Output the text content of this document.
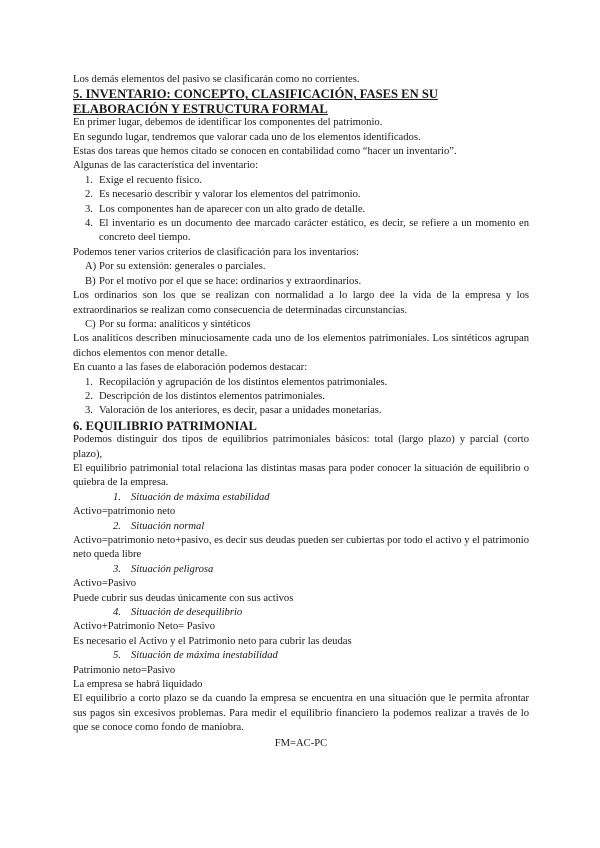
Los demás elementos del pasivo se clasificarán como no corrientes.

5. INVENTARIO: CONCEPTO, CLASIFICACIÓN, FASES EN SU ELABORACIÓN Y ESTRUCTURA FORMAL

En primer lugar, debemos de identificar los componentes del patrimonio.

En segundo lugar, tendremos que valorar cada uno de los elementos identificados.

Estas dos tareas que hemos citado se conocen en contabilidad como “hacer un inventario”.

Algunas de las característica del inventario:

1. Exige el recuento físico.
2. Es necesario describir y valorar los elementos del patrimonio.
3. Los componentes han de aparecer con un alto grado de detalle.
4. El inventario es un documento dee marcado carácter estático, es decir, se refiere a un momento en concreto deel tiempo.

Podemos tener varios criterios de clasificación para los inventarios:

A) Por su extensión: generales o parciales.
B) Por el motivo por el que se hace: ordinarios y extraordinarios.

Los ordinarios son los que se realizan con normalidad a lo largo dee la vida de la empresa y los extraordinarios se realizan como consecuencia de determinadas circunstancias.

C) Por su forma: analíticos y sintéticos

Los analíticos describen minuciosamente cada uno de los elementos patrimoniales. Los sintéticos agrupan dichos elementos con menor detalle.

En cuanto a las fases de elaboración podemos destacar:

1. Recopilación y agrupación de los distintos elementos patrimoniales.
2. Descripción de los distintos elementos patrimoniales.
3. Valoración de los anteriores, es decir, pasar a unidades monetarias.
6. EQUILIBRIO PATRIMONIAL

Podemos distinguir dos tipos de equilibrios patrimoniales básicos: total (largo plazo) y parcial (corto plazo),

El equilibrio patrimonial total relaciona las distintas masas para poder conocer la situación de equilibrio o quiebra de la empresa.

1. Situación de máxima estabilidad

Activo=patrimonio neto

2. Situación normal

Activo=patrimonio neto+pasivo, es decir sus deudas pueden ser cubiertas por todo el activo y el patrimonio neto queda libre

3. Situación peligrosa

Activo=Pasivo

Puede cubrir sus deudas únicamente con sus activos

4. Situación de desequilibrio

Activo+Patrimonio Neto= Pasivo

Es necesario el Activo y el Patrimonio neto para cubrir las deudas

5. Situación de máxima inestabilidad

Patrimonio neto=Pasivo

La empresa se habrá liquidado

El equilibrio a corto plazo se da cuando la empresa se encuentra en una situación que le permita afrontar sus pagos sin excesivos problemas. Para medir el equilibrio financiero la podemos realizar a través de lo que se conoce como fondo de maniobra.

FM=AC-PC
